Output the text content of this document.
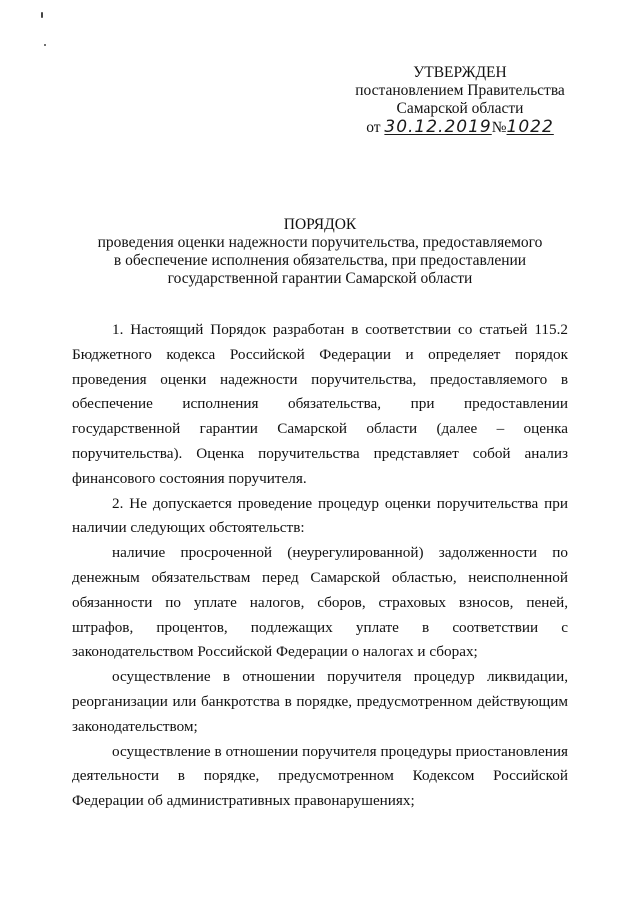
УТВЕРЖДЕН
постановлением Правительства
Самарской области
от 30.12.2019№1022
ПОРЯДОК
проведения оценки надежности поручительства, предоставляемого
в обеспечение исполнения обязательства, при предоставлении
государственной гарантии Самарской области

1. Настоящий Порядок разработан в соответствии со статьей 115.2 Бюджетного кодекса Российской Федерации и определяет порядок проведения оценки надежности поручительства, предоставляемого в обеспечение исполнения обязательства, при предоставлении государственной гарантии Самарской области (далее – оценка поручительства). Оценка поручительства представляет собой анализ финансового состояния поручителя.

2. Не допускается проведение процедур оценки поручительства при наличии следующих обстоятельств:

наличие просроченной (неурегулированной) задолженности по денежным обязательствам перед Самарской областью, неисполненной обязанности по уплате налогов, сборов, страховых взносов, пеней, штрафов, процентов, подлежащих уплате в соответствии с законодательством Российской Федерации о налогах и сборах;

осуществление в отношении поручителя процедур ликвидации, реорганизации или банкротства в порядке, предусмотренном действующим законодательством;

осуществление в отношении поручителя процедуры приостановления деятельности в порядке, предусмотренном Кодексом Российской Федерации об административных правонарушениях;
